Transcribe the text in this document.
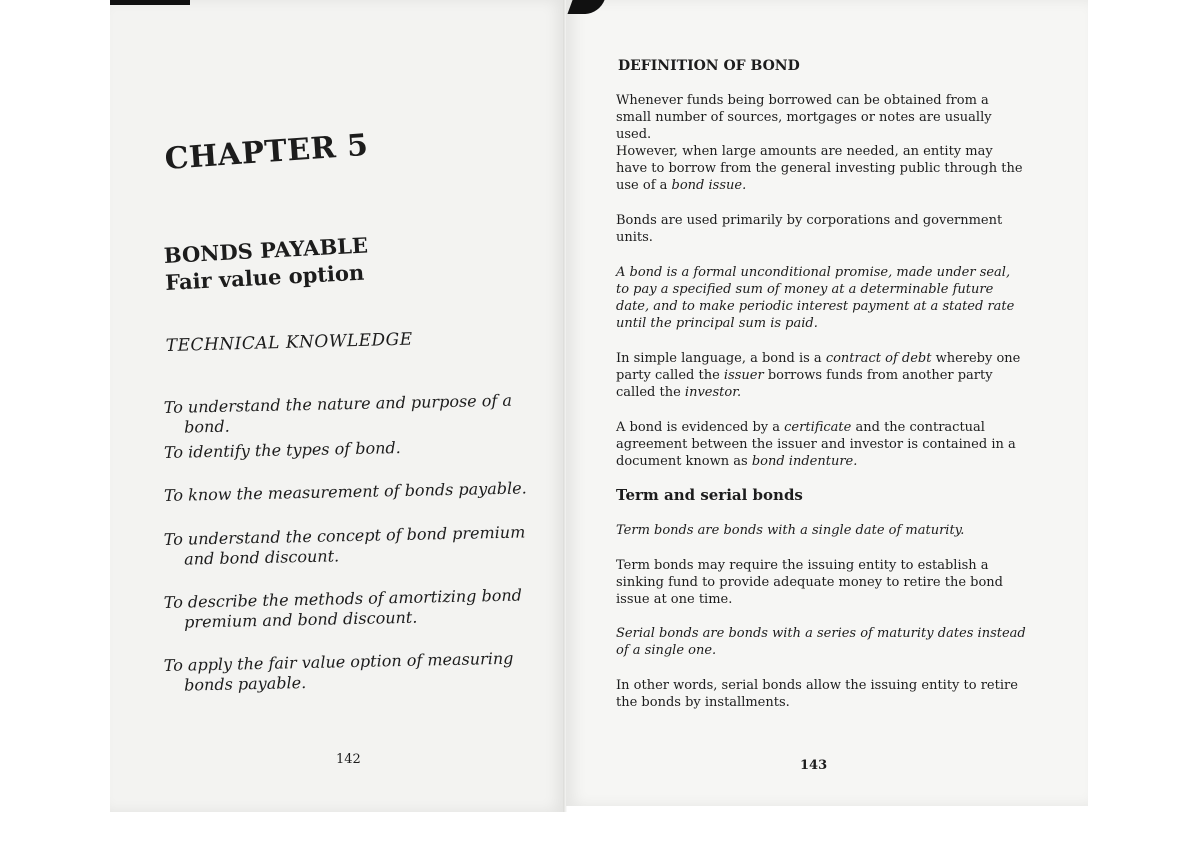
CHAPTER 5
BONDS PAYABLE
Fair value option
TECHNICAL KNOWLEDGE
To understand the nature and purpose of a bond.
To identify the types of bond.
To know the measurement of bonds payable.
To understand the concept of bond premium and bond discount.
To describe the methods of amortizing bond premium and bond discount.
To apply the fair value option of measuring bonds payable.

142

DEFINITION OF BOND

Whenever funds being borrowed can be obtained from a small number of sources, mortgages or notes are usually used.

However, when large amounts are needed, an entity may have to borrow from the general investing public through the use of a bond issue.

Bonds are used primarily by corporations and government units.

A bond is a formal unconditional promise, made under seal, to pay a specified sum of money at a determinable future date, and to make periodic interest payment at a stated rate until the principal sum is paid.

In simple language, a bond is a contract of debt whereby one party called the issuer borrows funds from another party called the investor.

A bond is evidenced by a certificate and the contractual agreement between the issuer and investor is contained in a document known as bond indenture.

Term and serial bonds

Term bonds are bonds with a single date of maturity.

Term bonds may require the issuing entity to establish a sinking fund to provide adequate money to retire the bond issue at one time.

Serial bonds are bonds with a series of maturity dates instead of a single one.

In other words, serial bonds allow the issuing entity to retire the bonds by installments.

143
